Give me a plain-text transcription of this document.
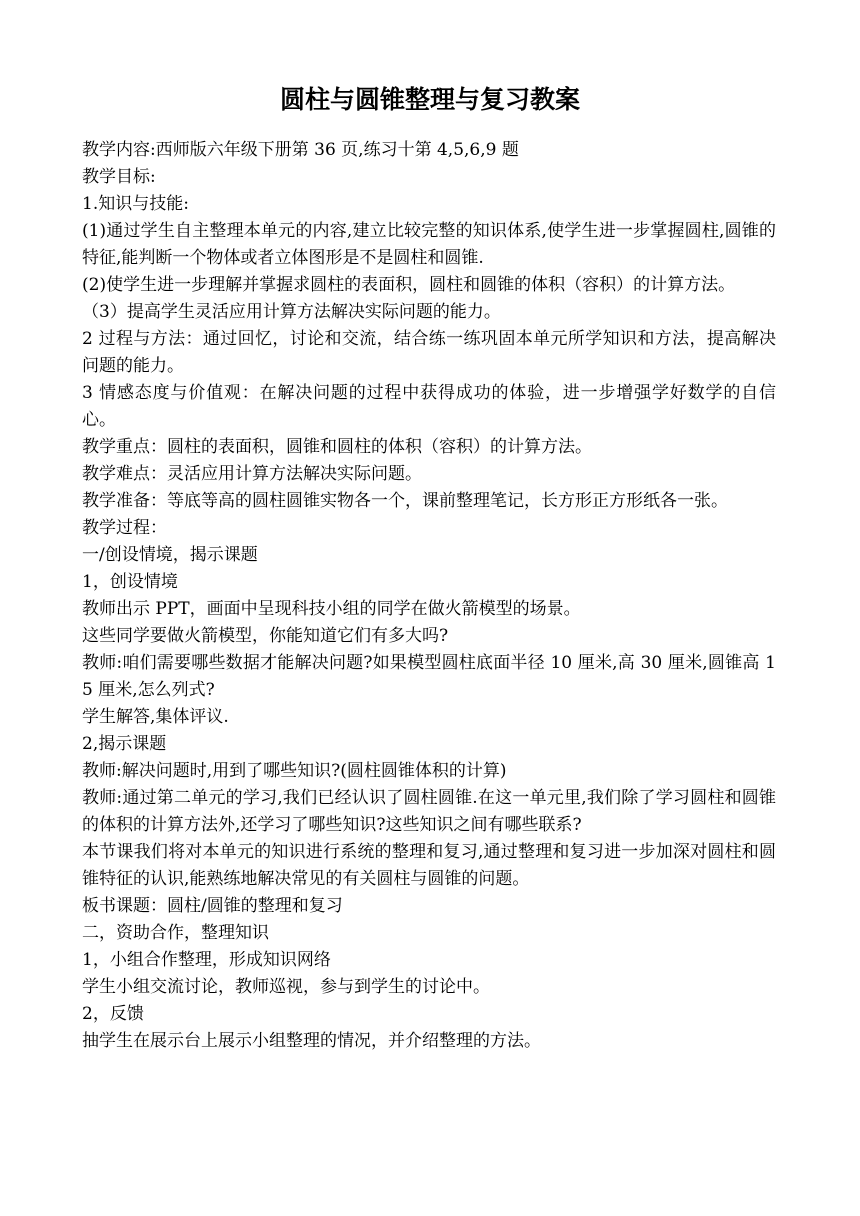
圆柱与圆锥整理与复习教案

教学内容:西师版六年级下册第 36 页,练习十第 4,5,6,9 题

教学目标:

1.知识与技能:

(1)通过学生自主整理本单元的内容,建立比较完整的知识体系,使学生进一步掌握圆柱,圆锥的特征,能判断一个物体或者立体图形是不是圆柱和圆锥.

(2)使学生进一步理解并掌握求圆柱的表面积，圆柱和圆锥的体积（容积）的计算方法。

（3）提高学生灵活应用计算方法解决实际问题的能力。

2 过程与方法：通过回忆，讨论和交流，结合练一练巩固本单元所学知识和方法，提高解决问题的能力。

3 情感态度与价值观：在解决问题的过程中获得成功的体验，进一步增强学好数学的自信心。

教学重点：圆柱的表面积，圆锥和圆柱的体积（容积）的计算方法。

教学难点：灵活应用计算方法解决实际问题。

教学准备：等底等高的圆柱圆锥实物各一个，课前整理笔记，长方形正方形纸各一张。

教学过程：

一/创设情境，揭示课题

1，创设情境

教师出示 PPT，画面中呈现科技小组的同学在做火箭模型的场景。

这些同学要做火箭模型，你能知道它们有多大吗?

教师:咱们需要哪些数据才能解决问题?如果模型圆柱底面半径 10 厘米,高 30 厘米,圆锥高 15 厘米,怎么列式?

学生解答,集体评议.

2,揭示课题

教师:解决问题时,用到了哪些知识?(圆柱圆锥体积的计算)

教师:通过第二单元的学习,我们已经认识了圆柱圆锥.在这一单元里,我们除了学习圆柱和圆锥的体积的计算方法外,还学习了哪些知识?这些知识之间有哪些联系?

本节课我们将对本单元的知识进行系统的整理和复习,通过整理和复习进一步加深对圆柱和圆锥特征的认识,能熟练地解决常见的有关圆柱与圆锥的问题。

板书课题：圆柱/圆锥的整理和复习

二，资助合作，整理知识

1，小组合作整理，形成知识网络

学生小组交流讨论，教师巡视，参与到学生的讨论中。

2，反馈

抽学生在展示台上展示小组整理的情况，并介绍整理的方法。
